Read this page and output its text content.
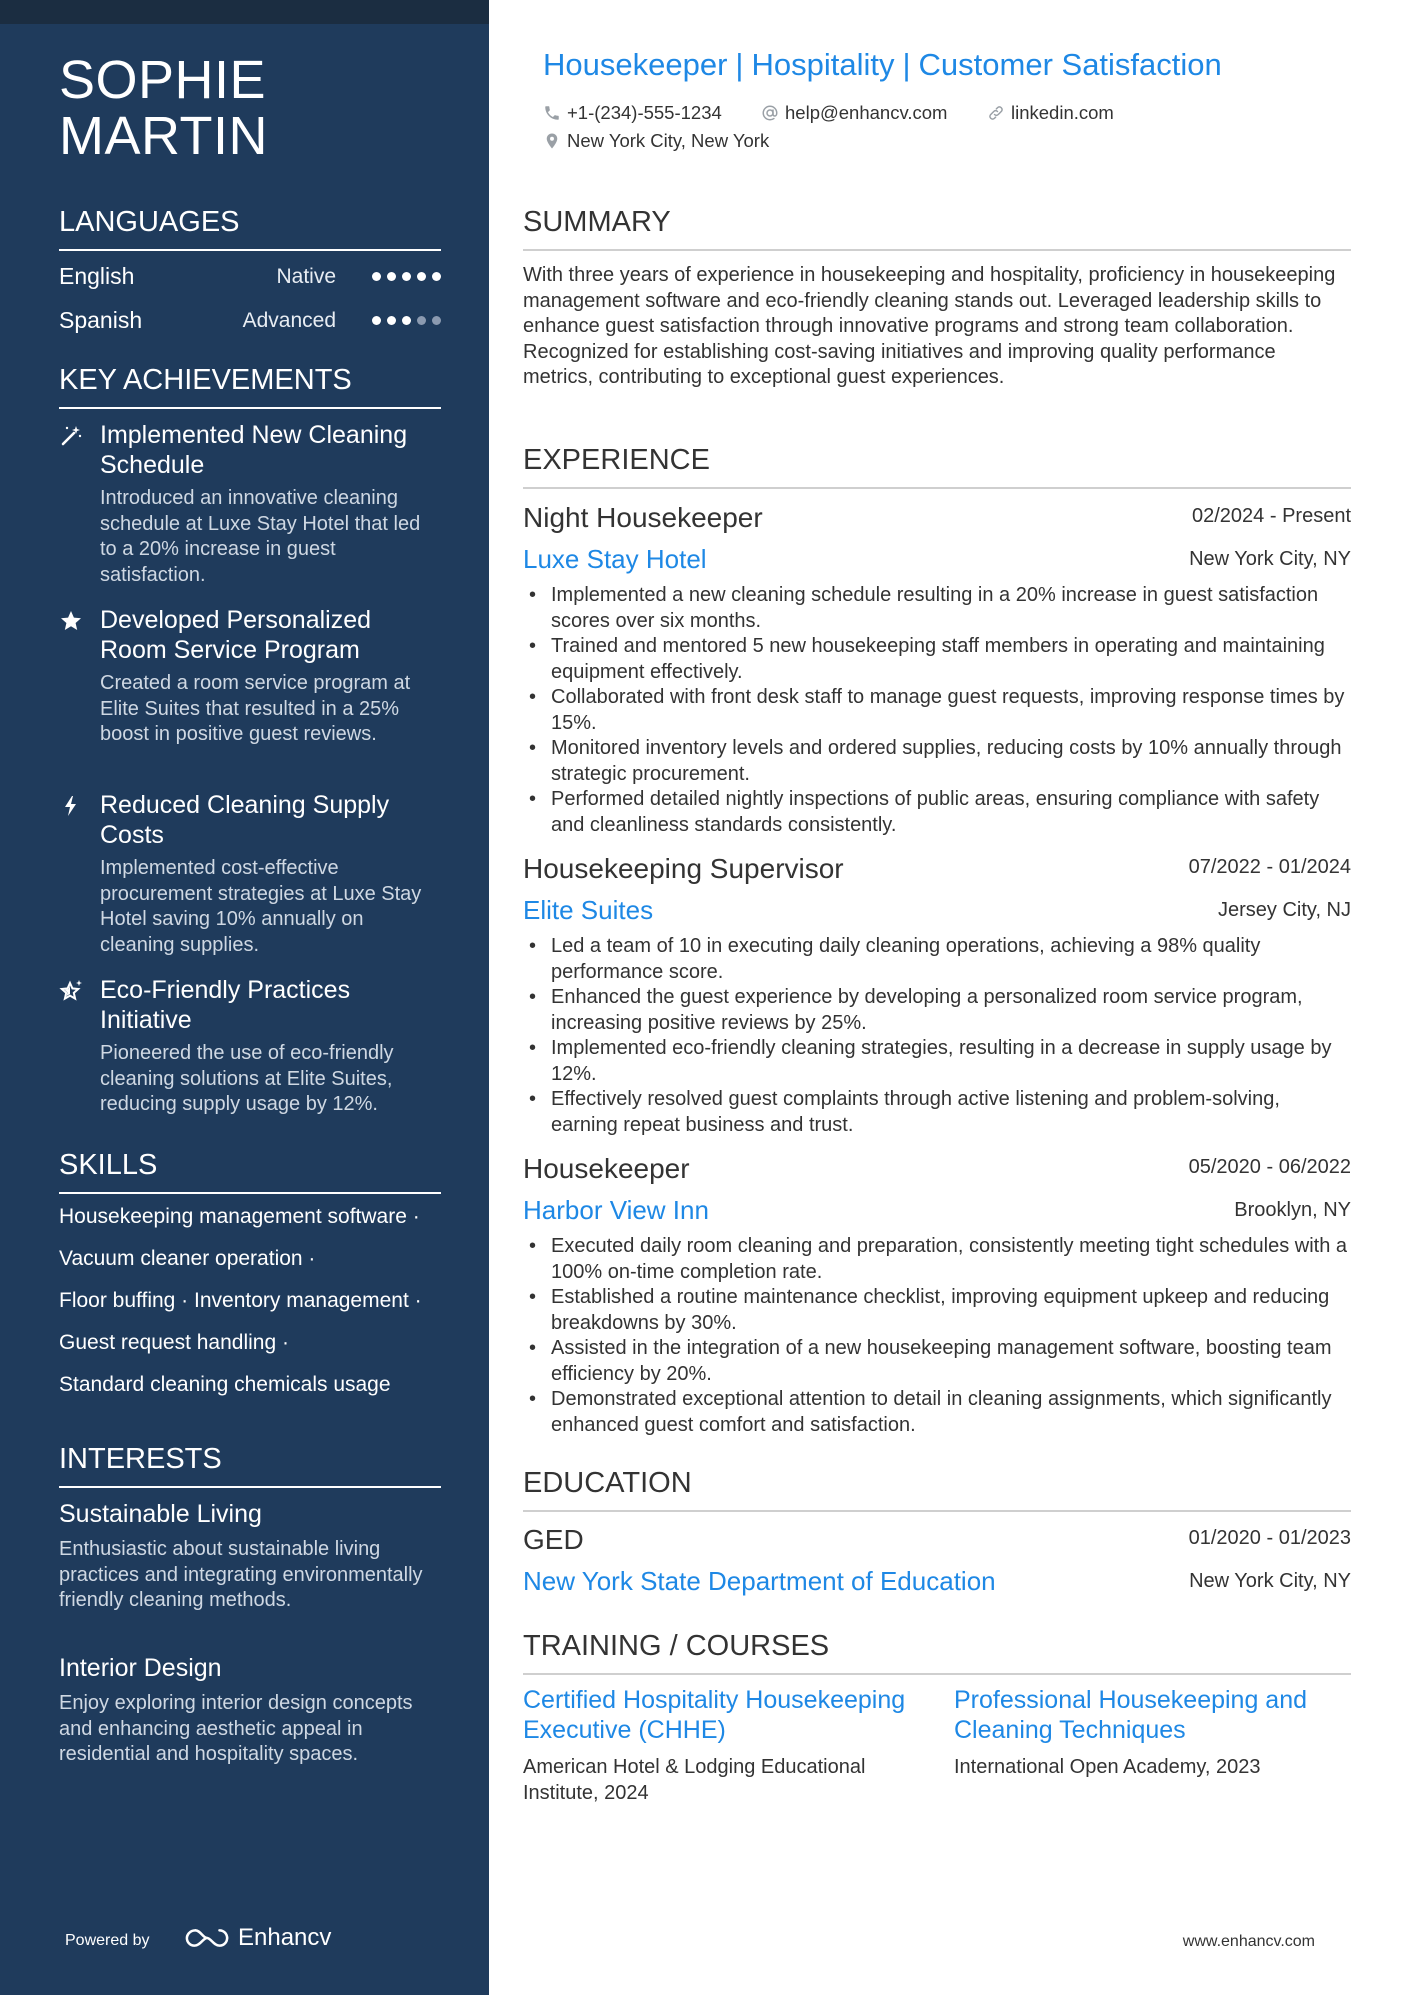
SOPHIE
MARTIN
LANGUAGES
English	Native
Spanish	Advanced
KEY ACHIEVEMENTS
Implemented New Cleaning Schedule
Introduced an innovative cleaning schedule at Luxe Stay Hotel that led to a 20% increase in guest satisfaction.
Developed Personalized Room Service Program
Created a room service program at Elite Suites that resulted in a 25% boost in positive guest reviews.
Reduced Cleaning Supply Costs
Implemented cost-effective procurement strategies at Luxe Stay Hotel saving 10% annually on cleaning supplies.
Eco-Friendly Practices Initiative
Pioneered the use of eco-friendly cleaning solutions at Elite Suites, reducing supply usage by 12%.
SKILLS
Housekeeping management software ·
Vacuum cleaner operation ·
Floor buffing · Inventory management ·
Guest request handling ·
Standard cleaning chemicals usage
INTERESTS
Sustainable Living
Enthusiastic about sustainable living practices and integrating environmentally friendly cleaning methods.
Interior Design
Enjoy exploring interior design concepts and enhancing aesthetic appeal in residential and hospitality spaces.
Powered by	Enhancv
Housekeeper | Hospitality | Customer Satisfaction
+1-(234)-555-1234	help@enhancv.com	linkedin.com
New York City, New York
SUMMARY
With three years of experience in housekeeping and hospitality, proficiency in housekeeping management software and eco-friendly cleaning stands out. Leveraged leadership skills to enhance guest satisfaction through innovative programs and strong team collaboration. Recognized for establishing cost-saving initiatives and improving quality performance metrics, contributing to exceptional guest experiences.
EXPERIENCE
Night Housekeeper	02/2024 - Present
Luxe Stay Hotel	New York City, NY
• Implemented a new cleaning schedule resulting in a 20% increase in guest satisfaction scores over six months.
• Trained and mentored 5 new housekeeping staff members in operating and maintaining equipment effectively.
• Collaborated with front desk staff to manage guest requests, improving response times by 15%.
• Monitored inventory levels and ordered supplies, reducing costs by 10% annually through strategic procurement.
• Performed detailed nightly inspections of public areas, ensuring compliance with safety and cleanliness standards consistently.
Housekeeping Supervisor	07/2022 - 01/2024
Elite Suites	Jersey City, NJ
• Led a team of 10 in executing daily cleaning operations, achieving a 98% quality performance score.
• Enhanced the guest experience by developing a personalized room service program, increasing positive reviews by 25%.
• Implemented eco-friendly cleaning strategies, resulting in a decrease in supply usage by 12%.
• Effectively resolved guest complaints through active listening and problem-solving, earning repeat business and trust.
Housekeeper	05/2020 - 06/2022
Harbor View Inn	Brooklyn, NY
• Executed daily room cleaning and preparation, consistently meeting tight schedules with a 100% on-time completion rate.
• Established a routine maintenance checklist, improving equipment upkeep and reducing breakdowns by 30%.
• Assisted in the integration of a new housekeeping management software, boosting team efficiency by 20%.
• Demonstrated exceptional attention to detail in cleaning assignments, which significantly enhanced guest comfort and satisfaction.
EDUCATION
GED	01/2020 - 01/2023
New York State Department of Education	New York City, NY
TRAINING / COURSES
Certified Hospitality Housekeeping Executive (CHHE)
American Hotel & Lodging Educational Institute, 2024
Professional Housekeeping and Cleaning Techniques
International Open Academy, 2023
www.enhancv.com
